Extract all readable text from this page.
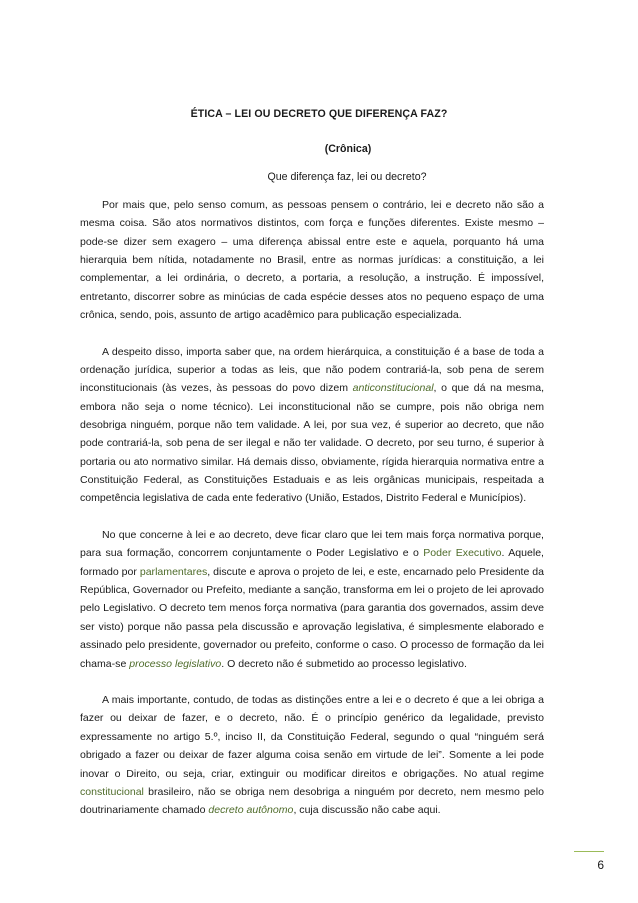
ÉTICA – LEI OU DECRETO QUE DIFERENÇA FAZ?
(Crônica)
Que diferença faz, lei ou decreto?

Por mais que, pelo senso comum, as pessoas pensem o contrário, lei e decreto não são a mesma coisa. São atos normativos distintos, com força e funções diferentes. Existe mesmo – pode-se dizer sem exagero – uma diferença abissal entre este e aquela, porquanto há uma hierarquia bem nítida, notadamente no Brasil, entre as normas jurídicas: a constituição, a lei complementar, a lei ordinária, o decreto, a portaria, a resolução, a instrução. É impossível, entretanto, discorrer sobre as minúcias de cada espécie desses atos no pequeno espaço de uma crônica, sendo, pois, assunto de artigo acadêmico para publicação especializada.

A despeito disso, importa saber que, na ordem hierárquica, a constituição é a base de toda a ordenação jurídica, superior a todas as leis, que não podem contrariá-la, sob pena de serem inconstitucionais (às vezes, às pessoas do povo dizem anticonstitucional, o que dá na mesma, embora não seja o nome técnico). Lei inconstitucional não se cumpre, pois não obriga nem desobriga ninguém, porque não tem validade. A lei, por sua vez, é superior ao decreto, que não pode contrariá-la, sob pena de ser ilegal e não ter validade. O decreto, por seu turno, é superior à portaria ou ato normativo similar. Há demais disso, obviamente, rígida hierarquia normativa entre a Constituição Federal, as Constituições Estaduais e as leis orgânicas municipais, respeitada a competência legislativa de cada ente federativo (União, Estados, Distrito Federal e Municípios).

No que concerne à lei e ao decreto, deve ficar claro que lei tem mais força normativa porque, para sua formação, concorrem conjuntamente o Poder Legislativo e o Poder Executivo. Aquele, formado por parlamentares, discute e aprova o projeto de lei, e este, encarnado pelo Presidente da República, Governador ou Prefeito, mediante a sanção, transforma em lei o projeto de lei aprovado pelo Legislativo. O decreto tem menos força normativa (para garantia dos governados, assim deve ser visto) porque não passa pela discussão e aprovação legislativa, é simplesmente elaborado e assinado pelo presidente, governador ou prefeito, conforme o caso. O processo de formação da lei chama-se processo legislativo. O decreto não é submetido ao processo legislativo.

A mais importante, contudo, de todas as distinções entre a lei e o decreto é que a lei obriga a fazer ou deixar de fazer, e o decreto, não. É o princípio genérico da legalidade, previsto expressamente no artigo 5.º, inciso II, da Constituição Federal, segundo o qual “ninguém será obrigado a fazer ou deixar de fazer alguma coisa senão em virtude de lei”. Somente a lei pode inovar o Direito, ou seja, criar, extinguir ou modificar direitos e obrigações. No atual regime constitucional brasileiro, não se obriga nem desobriga a ninguém por decreto, nem mesmo pelo doutrinariamente chamado decreto autônomo, cuja discussão não cabe aqui.

6
